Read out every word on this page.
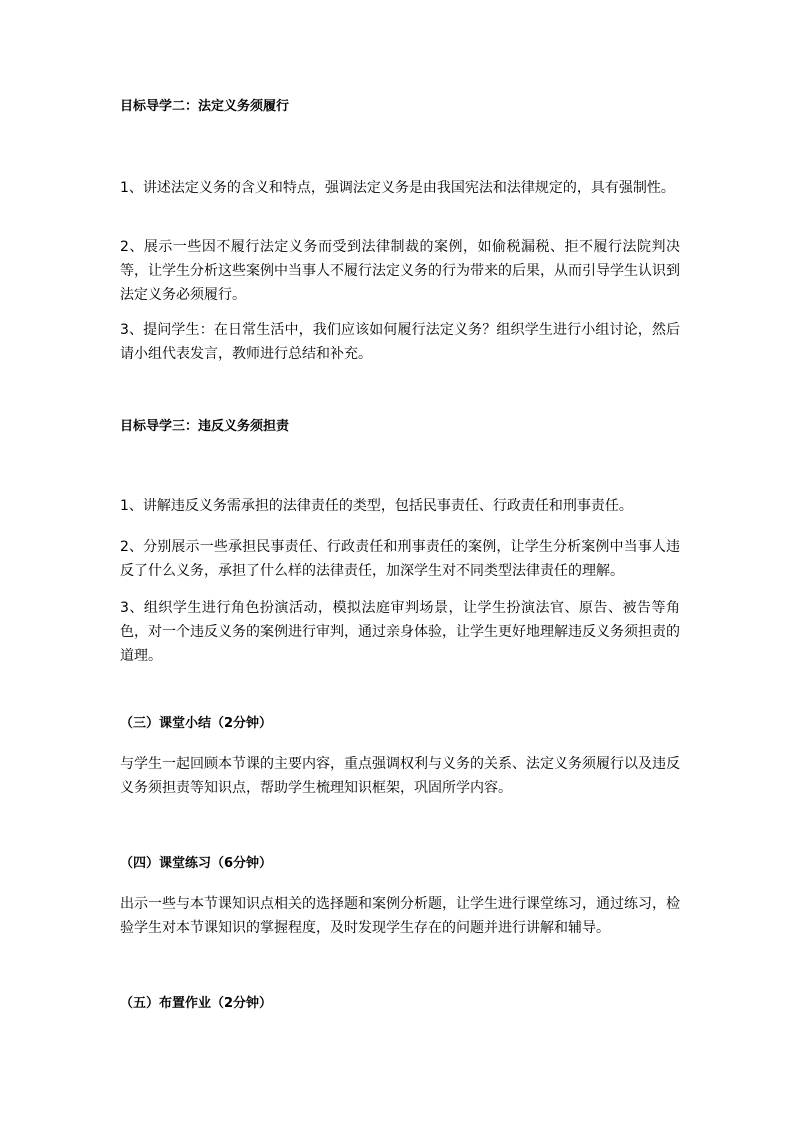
目标导学二：法定义务须履行

1、讲述法定义务的含义和特点，强调法定义务是由我国宪法和法律规定的，具有强制性。

2、展示一些因不履行法定义务而受到法律制裁的案例，如偷税漏税、拒不履行法院判决等，让学生分析这些案例中当事人不履行法定义务的行为带来的后果，从而引导学生认识到法定义务必须履行。

3、提问学生：在日常生活中，我们应该如何履行法定义务？组织学生进行小组讨论，然后请小组代表发言，教师进行总结和补充。

目标导学三：违反义务须担责

1、讲解违反义务需承担的法律责任的类型，包括民事责任、行政责任和刑事责任。

2、分别展示一些承担民事责任、行政责任和刑事责任的案例，让学生分析案例中当事人违反了什么义务，承担了什么样的法律责任，加深学生对不同类型法律责任的理解。

3、组织学生进行角色扮演活动，模拟法庭审判场景，让学生扮演法官、原告、被告等角色，对一个违反义务的案例进行审判，通过亲身体验，让学生更好地理解违反义务须担责的道理。

（三）课堂小结（2分钟）

与学生一起回顾本节课的主要内容，重点强调权利与义务的关系、法定义务须履行以及违反义务须担责等知识点，帮助学生梳理知识框架，巩固所学内容。

（四）课堂练习（6分钟）

出示一些与本节课知识点相关的选择题和案例分析题，让学生进行课堂练习，通过练习，检验学生对本节课知识的掌握程度，及时发现学生存在的问题并进行讲解和辅导。

（五）布置作业（2分钟）
